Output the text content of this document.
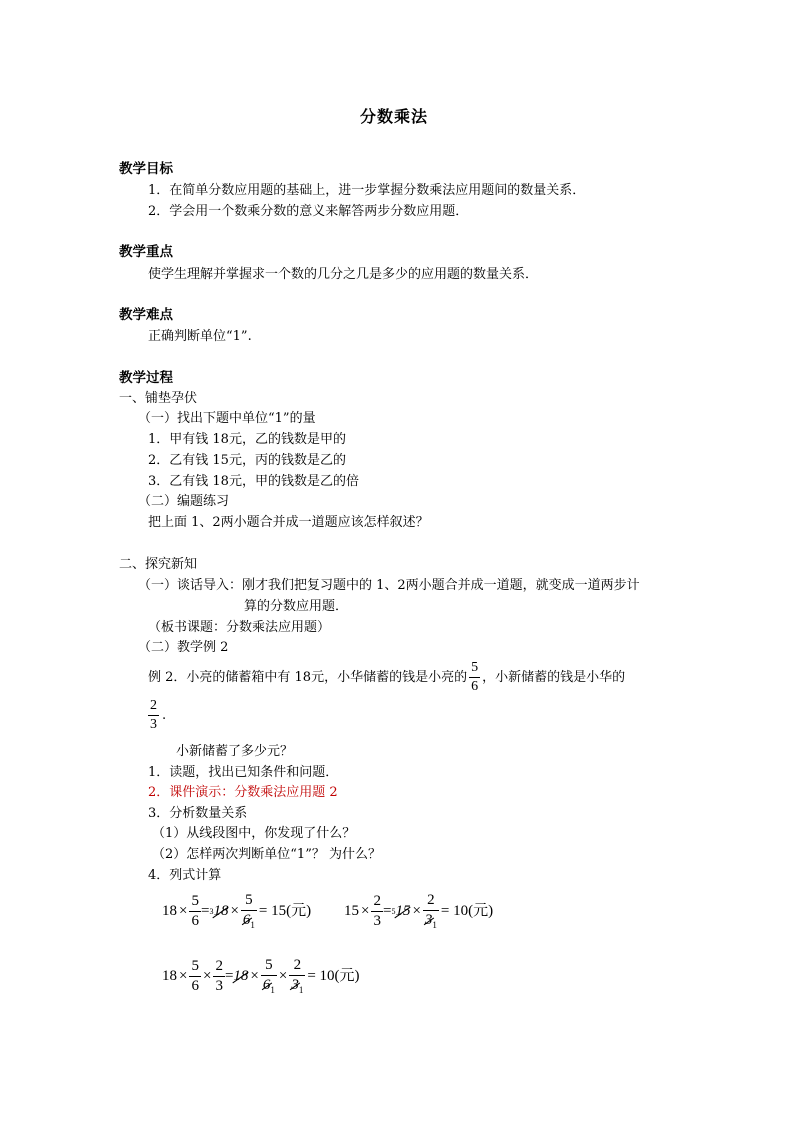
分数乘法
教学目标
1．在简单分数应用题的基础上，进一步掌握分数乘法应用题间的数量关系．
2．学会用一个数乘分数的意义来解答两步分数应用题．
教学重点
使学生理解并掌握求一个数的几分之几是多少的应用题的数量关系．
教学难点
正确判断单位“1”.
教学过程
一、铺垫孕伏
（一）找出下题中单位“1”的量
1．甲有钱 18元，乙的钱数是甲的
2．乙有钱 15元，丙的钱数是乙的
3．乙有钱 18元，甲的钱数是乙的倍
（二）编题练习
把上面 1、2两小题合并成一道题应该怎样叙述？
二、探究新知
（一）谈话导入：刚才我们把复习题中的 1、2两小题合并成一道题，就变成一道两步计
算的分数应用题．
（板书课题：分数乘法应用题）
（二）教学例 2
例 2．小亮的储蓄箱中有 18元，小华储蓄的钱是小亮的 $\frac{5}{6}$ ，小新储蓄的钱是小华的
$\frac{2}{3}$ .
小新储蓄了多少元？
1．读题，找出已知条件和问题．
2．课件演示：分数乘法应用题 2
3．分析数量关系
（1）从线段图中，你发现了什么？
（2）怎样两次判断单位“1”？ 为什么？
4．列式计算
$18 \times \frac{5}{6} = 3$ $18 \times \frac{5}{6_1} = 15$(元) $15 \times \frac{2}{3} = 5$ $15 \times \frac{2}{3_1} = 10$(元)
$18 \times \frac{5}{6} \times \frac{2}{3} = 18 \times \frac{5}{6_1} \times \frac{2}{3_1} = 10$(元)
